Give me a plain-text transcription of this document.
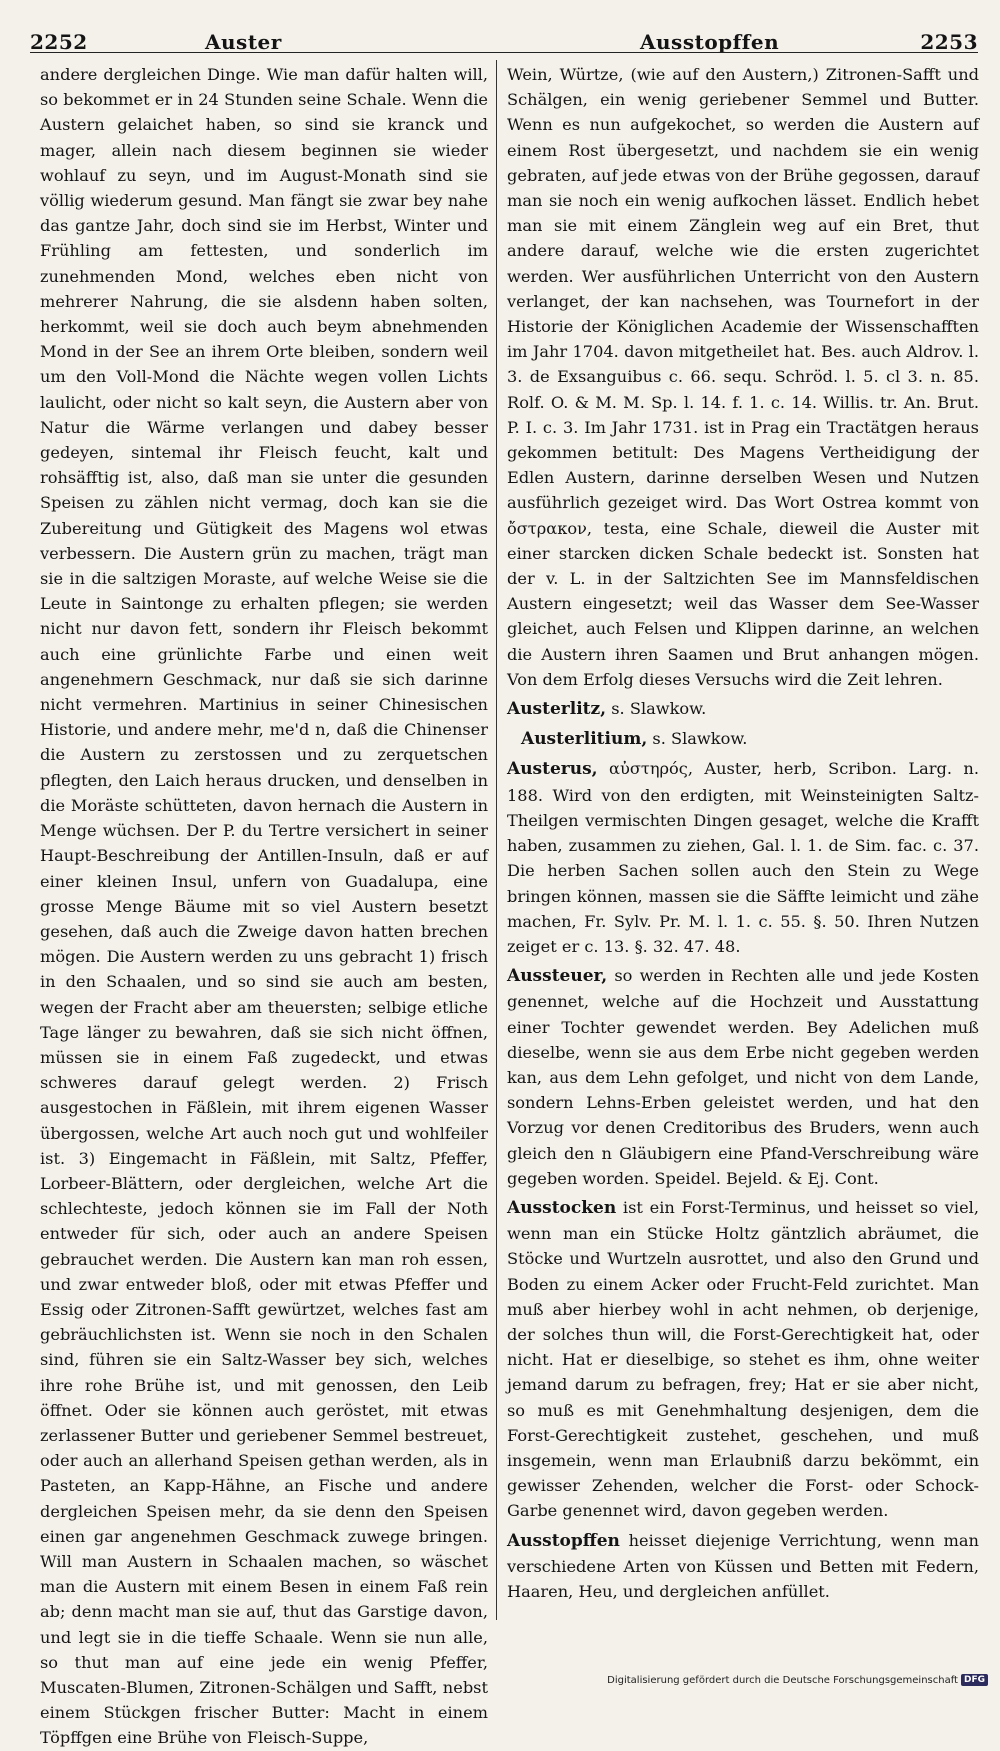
2252	Auster	Ausstopffen	2253

andere dergleichen Dinge. Wie man dafür halten will, so bekommet er in 24 Stunden seine Schale. Wenn die Austern gelaichet haben, so sind sie kranck und mager, allein nach diesem beginnen sie wieder wohlauf zu seyn, und im August-Monath sind sie völlig wiederum gesund. Man fängt sie zwar bey nahe das gantze Jahr, doch sind sie im Herbst, Winter und Frühling am fettesten, und sonderlich im zunehmenden Mond, welches eben nicht von mehrerer Nahrung, die sie alsdenn haben solten, herkommt, weil sie doch auch beym abnehmenden Mond in der See an ihrem Orte bleiben, sondern weil um den Voll-Mond die Nächte wegen vollen Lichts laulicht, oder nicht so kalt seyn, die Austern aber von Natur die Wärme verlangen und dabey besser gedeyen, sintemal ihr Fleisch feucht, kalt und rohsäfftig ist, also, daß man sie unter die gesunden Speisen zu zählen nicht vermag, doch kan sie die Zubereitung und Gütigkeit des Magens wol etwas verbessern. Die Austern grün zu machen, trägt man sie in die saltzigen Moraste, auf welche Weise sie die Leute in Saintonge zu erhalten pflegen; sie werden nicht nur davon fett, sondern ihr Fleisch bekommt auch eine grünlichte Farbe und einen weit angenehmern Geschmack, nur daß sie sich darinne nicht vermehren. Martinius in seiner Chinesischen Historie, und andere mehr, me'd n, daß die Chinenser die Austern zu zerstossen und zu zerquetschen pflegten, den Laich heraus drucken, und denselben in die Moräste schütteten, davon hernach die Austern in Menge wüchsen. Der P. du Tertre versichert in seiner Haupt-Beschreibung der Antillen-Insuln, daß er auf einer kleinen Insul, unfern von Guadalupa, eine grosse Menge Bäume mit so viel Austern besetzt gesehen, daß auch die Zweige davon hatten brechen mögen. Die Austern werden zu uns gebracht 1) frisch in den Schaalen, und so sind sie auch am besten, wegen der Fracht aber am theuersten; selbige etliche Tage länger zu bewahren, daß sie sich nicht öffnen, müssen sie in einem Faß zugedeckt, und etwas schweres darauf gelegt werden. 2) Frisch ausgestochen in Fäßlein, mit ihrem eigenen Wasser übergossen, welche Art auch noch gut und wohlfeiler ist. 3) Eingemacht in Fäßlein, mit Saltz, Pfeffer, Lorbeer-Blättern, oder dergleichen, welche Art die schlechteste, jedoch können sie im Fall der Noth entweder für sich, oder auch an andere Speisen gebrauchet werden. Die Austern kan man roh essen, und zwar entweder bloß, oder mit etwas Pfeffer und Essig oder Zitronen-Safft gewürtzet, welches fast am gebräuchlichsten ist. Wenn sie noch in den Schalen sind, führen sie ein Saltz-Wasser bey sich, welches ihre rohe Brühe ist, und mit genossen, den Leib öffnet. Oder sie können auch geröstet, mit etwas zerlassener Butter und geriebener Semmel bestreuet, oder auch an allerhand Speisen gethan werden, als in Pasteten, an Kapp-Hähne, an Fische und andere dergleichen Speisen mehr, da sie denn den Speisen einen gar angenehmen Geschmack zuwege bringen. Will man Austern in Schaalen machen, so wäschet man die Austern mit einem Besen in einem Faß rein ab; denn macht man sie auf, thut das Garstige davon, und legt sie in die tieffe Schaale. Wenn sie nun alle, so thut man auf eine jede ein wenig Pfeffer, Muscaten-Blumen, Zitronen-Schälgen und Safft, nebst einem Stückgen frischer Butter: Macht in einem Töpffgen eine Brühe von Fleisch-Suppe,

Wein, Würtze, (wie auf den Austern,) Zitronen-Safft und Schälgen, ein wenig geriebener Semmel und Butter. Wenn es nun aufgekochet, so werden die Austern auf einem Rost übergesetzt, und nachdem sie ein wenig gebraten, auf jede etwas von der Brühe gegossen, darauf man sie noch ein wenig aufkochen lässet. Endlich hebet man sie mit einem Zänglein weg auf ein Bret, thut andere darauf, welche wie die ersten zugerichtet werden. Wer ausführlichen Unterricht von den Austern verlanget, der kan nachsehen, was Tournefort in der Historie der Königlichen Academie der Wissenschafften im Jahr 1704. davon mitgetheilet hat. Bes. auch Aldrov. l. 3. de Exsanguibus c. 66. sequ. Schröd. l. 5. cl 3. n. 85. Rolf. O. & M. M. Sp. l. 14. f. 1. c. 14. Willis. tr. An. Brut. P. I. c. 3. Im Jahr 1731. ist in Prag ein Tractätgen heraus gekommen betitult: Des Magens Vertheidigung der Edlen Austern, darinne derselben Wesen und Nutzen ausführlich gezeiget wird. Das Wort Ostrea kommt von ὄστρακον, testa, eine Schale, dieweil die Auster mit einer starcken dicken Schale bedeckt ist. Sonsten hat der v. L. in der Saltzichten See im Mannsfeldischen Austern eingesetzt; weil das Wasser dem See-Wasser gleichet, auch Felsen und Klippen darinne, an welchen die Austern ihren Saamen und Brut anhangen mögen. Von dem Erfolg dieses Versuchs wird die Zeit lehren.

Austerlitz, s. Slawkow.

Austerlitium, s. Slawkow.

Austerus, αὐστηρός, Auster, herb, Scribon. Larg. n. 188. Wird von den erdigten, mit Weinsteinigten Saltz-Theilgen vermischten Dingen gesaget, welche die Krafft haben, zusammen zu ziehen, Gal. l. 1. de Sim. fac. c. 37. Die herben Sachen sollen auch den Stein zu Wege bringen können, massen sie die Säffte leimicht und zähe machen, Fr. Sylv. Pr. M. l. 1. c. 55. §. 50. Ihren Nutzen zeiget er c. 13. §. 32. 47. 48.

Aussteuer, so werden in Rechten alle und jede Kosten genennet, welche auf die Hochzeit und Ausstattung einer Tochter gewendet werden. Bey Adelichen muß dieselbe, wenn sie aus dem Erbe nicht gegeben werden kan, aus dem Lehn gefolget, und nicht von dem Lande, sondern Lehns-Erben geleistet werden, und hat den Vorzug vor denen Creditoribus des Bruders, wenn auch gleich den n Gläubigern eine Pfand-Verschreibung wäre gegeben worden. Speidel. Bejeld. & Ej. Cont.

Ausstocken ist ein Forst-Terminus, und heisset so viel, wenn man ein Stücke Holtz gäntzlich abräumet, die Stöcke und Wurtzeln ausrottet, und also den Grund und Boden zu einem Acker oder Frucht-Feld zurichtet. Man muß aber hierbey wohl in acht nehmen, ob derjenige, der solches thun will, die Forst-Gerechtigkeit hat, oder nicht. Hat er dieselbige, so stehet es ihm, ohne weiter jemand darum zu befragen, frey; Hat er sie aber nicht, so muß es mit Genehmhaltung desjenigen, dem die Forst-Gerechtigkeit zustehet, geschehen, und muß insgemein, wenn man Erlaubniß darzu bekömmt, ein gewisser Zehenden, welcher die Forst- oder Schock-Garbe genennet wird, davon gegeben werden.

Ausstopffen heisset diejenige Verrichtung, wenn man verschiedene Arten von Küssen und Betten mit Federn, Haaren, Heu, und dergleichen anfüllet.

Digitalisierung gefördert durch die Deutsche Forschungsgemeinschaft DFG
